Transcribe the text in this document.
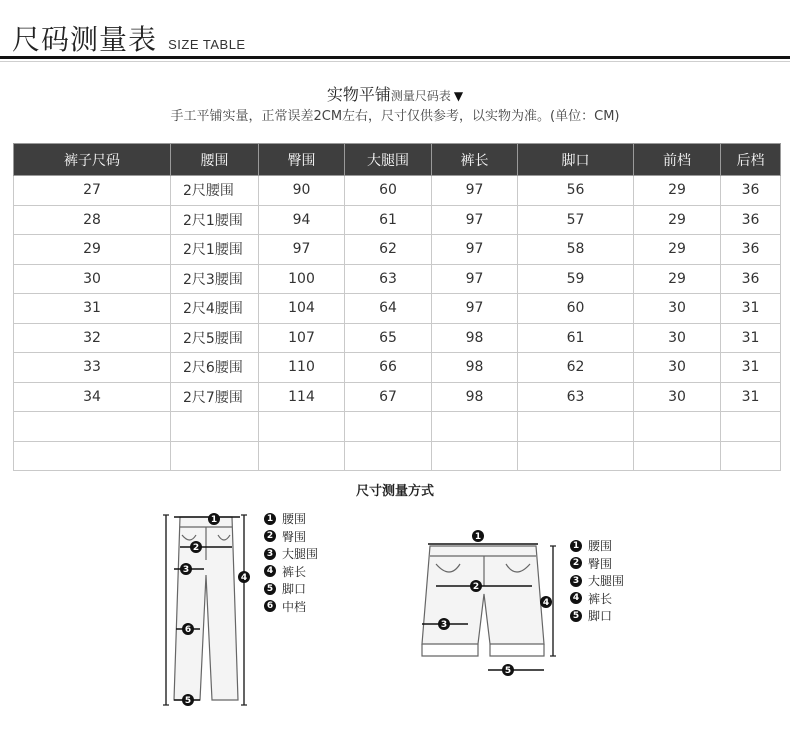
尺码测量表 SIZE TABLE
实物平铺测量尺码表 ▼
手工平铺实量，正常误差2CM左右，尺寸仅供参考，以实物为准。(单位：CM)
裤子尺码	腰围	臀围	大腿围	裤长	脚口	前档	后档
27	2尺腰围	90	60	97	56	29	36
28	2尺1腰围	94	61	97	57	29	36
29	2尺1腰围	97	62	97	58	29	36
30	2尺3腰围	100	63	97	59	29	36
31	2尺4腰围	104	64	97	60	30	31
32	2尺5腰围	107	65	98	61	30	31
33	2尺6腰围	110	66	98	62	30	31
34	2尺7腰围	114	67	98	63	30	31

尺寸测量方式
1
2
3
4
6
5
1 腰围
2 臀围
3 大腿围
4 裤长
5 脚口
6 中档
1
2
3
4
5
1 腰围
2 臀围
3 大腿围
4 裤长
5 脚口
